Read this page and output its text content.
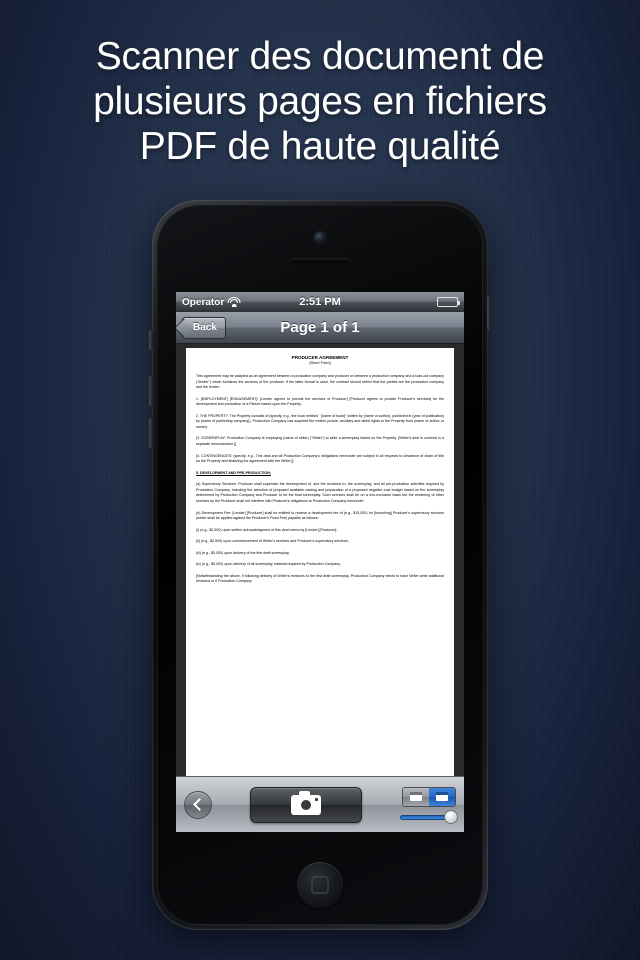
Scanner des document de
plusieurs pages en fichiers
PDF de haute qualité
Operator	2:51 PM
Back	Page 1 of 1
PRODUCER AGREEMENT
[Short Form]

This agreement may be adapted as an agreement between a production company and producer or between a production company and a loan-out company ("lender") which furnishes the services of the producer. If the latter format is used, the contract should reflect that the parties are the production company and the lender.

1. [EMPLOYMENT] [ENGAGEMENT]: [Lender agrees to provide the services of Producer] [Producer agrees to provide Producer's services] for the development and production of a Picture based upon the Property.

2. THE PROPERTY: The Property consists of (specify, e.g., the book entitled ``[name of book]" written by (name of author), published in (year of publication) by (name of publishing company)). Production Company has acquired the motion picture, ancillary and allied rights to the Property from (name of author or owner).

[3. SCREENPLAY: Production Company is employing (name of writer) ("Writer") to write a screenplay based on the Property. [Writer's deal is covered in a separate memorandum.]]

[4. CONTINGENCIES: (specify, e.g., This deal and all Production Company's obligations hereunder are subject in all respects to clearance of chain of title on the Property and finalizing the agreement with the Writer.]]

5. DEVELOPMENT AND PRE-PRODUCTION:

(a) Supervisory Services: Producer shall supervise the development of, and the revisions to, the screenplay, and all pre-production activities required by Production Company, including the selection of proposed available casting and preparation of a proposed negative cost budget based on the screenplay determined by Production Company and Producer to be the final screenplay. Such services shall be on a non-exclusive basis but the rendering of other services by the Producer shall not interfere with Producer's obligations to Production Company hereunder.

(b) Development Fee: [Lender] [Producer] shall be entitled to receive a development fee of (e.g., $15,000) for [furnishing] Producer's supervisory services (which shall be applied against the Producer's Fixed Fee) payable as follows:

(i) (e.g., $2,500) upon written acknowledgment of this deal memo by [Lender] [Producer];

(ii) (e.g., $2,500) upon commencement of Writer's services and Producer's supervisory services;

(iii) (e.g., $5,000) upon delivery of the first draft screenplay,

(iv) (e.g., $5,000) upon delivery of all screenplay material required by Production Company.

[Notwithstanding the above, if following delivery of Writer's revisions to the first draft screenplay, Production Company elects to have Writer write additional revisions or if Production Company
